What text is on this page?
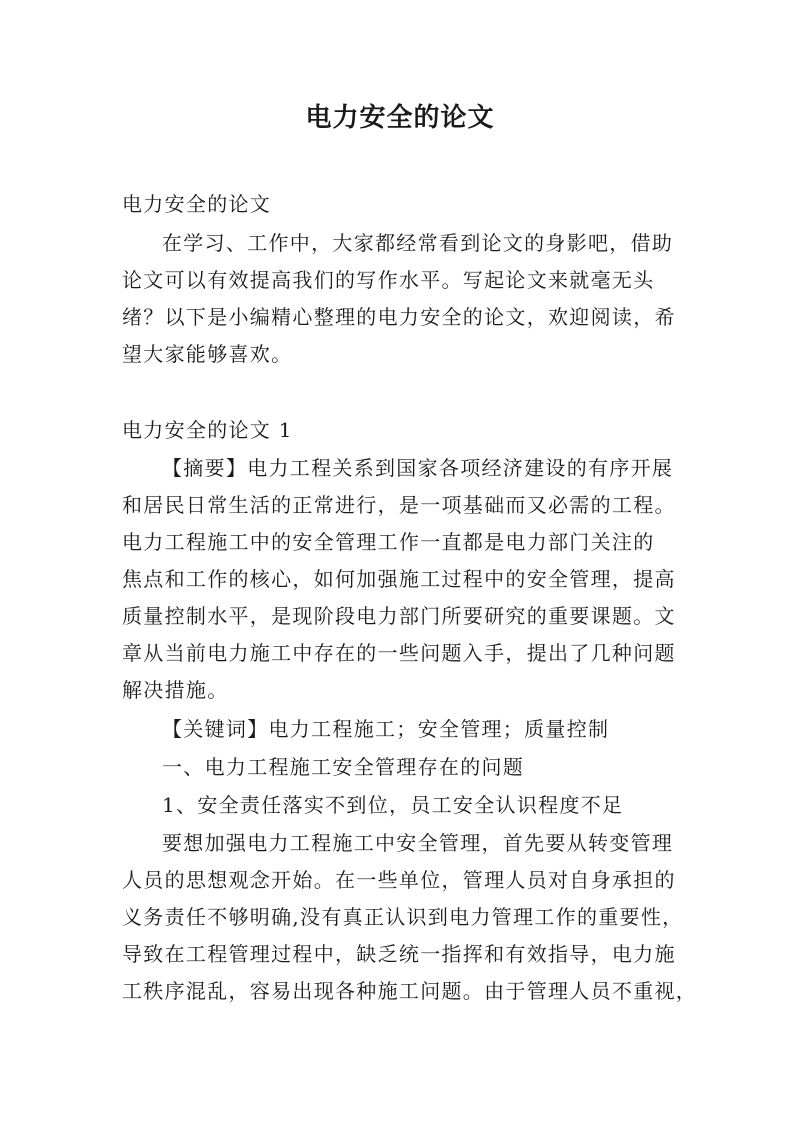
电力安全的论文
电力安全的论文
在学习、工作中，大家都经常看到论文的身影吧，借助
论文可以有效提高我们的写作水平。写起论文来就毫无头
绪？以下是小编精心整理的电力安全的论文，欢迎阅读，希
望大家能够喜欢。
电力安全的论文 1
【摘要】电力工程关系到国家各项经济建设的有序开展
和居民日常生活的正常进行，是一项基础而又必需的工程。
电力工程施工中的安全管理工作一直都是电力部门关注的
焦点和工作的核心，如何加强施工过程中的安全管理，提高
质量控制水平，是现阶段电力部门所要研究的重要课题。文
章从当前电力施工中存在的一些问题入手，提出了几种问题
解决措施。
【关键词】电力工程施工；安全管理；质量控制
一、电力工程施工安全管理存在的问题
1、安全责任落实不到位，员工安全认识程度不足
要想加强电力工程施工中安全管理，首先要从转变管理
人员的思想观念开始。在一些单位，管理人员对自身承担的
义务责任不够明确,没有真正认识到电力管理工作的重要性，
导致在工程管理过程中，缺乏统一指挥和有效指导，电力施
工秩序混乱，容易出现各种施工问题。由于管理人员不重视，
